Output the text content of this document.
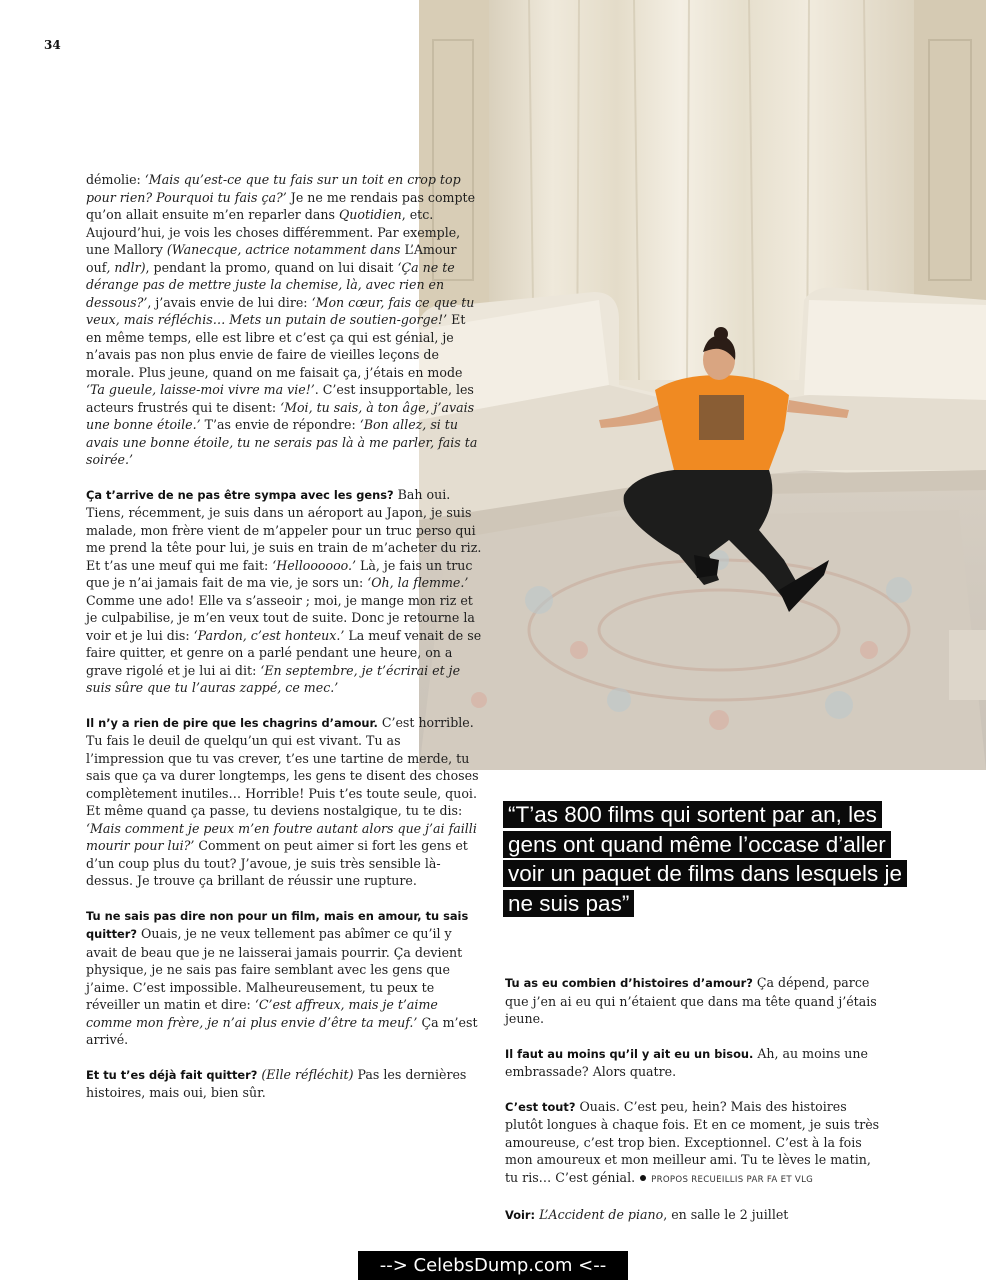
34

démolie: ‘Mais qu’est-ce que tu fais sur un toit en crop top pour rien? Pourquoi tu fais ça?’ Je ne me rendais pas compte qu’on allait ensuite m’en reparler dans Quotidien, etc. Aujourd’hui, je vois les choses différemment. Par exemple, une Mallory (Wanecque, actrice notamment dans L’Amour ouf, ndlr), pendant la promo, quand on lui disait ‘Ça ne te dérange pas de mettre juste la chemise, là, avec rien en dessous?’, j’avais envie de lui dire: ‘Mon cœur, fais ce que tu veux, mais réfléchis… Mets un putain de soutien-gorge!’ Et en même temps, elle est libre et c’est ça qui est génial, je n’avais pas non plus envie de faire de vieilles leçons de morale. Plus jeune, quand on me faisait ça, j’étais en mode ‘Ta gueule, laisse-moi vivre ma vie!’. C’est insupportable, les acteurs frustrés qui te disent: ‘Moi, tu sais, à ton âge, j’avais une bonne étoile.’ T’as envie de répondre: ‘Bon allez, si tu avais une bonne étoile, tu ne serais pas là à me parler, fais ta soirée.’

Ça t’arrive de ne pas être sympa avec les gens? Bah oui. Tiens, récemment, je suis dans un aéroport au Japon, je suis malade, mon frère vient de m’appeler pour un truc perso qui me prend la tête pour lui, je suis en train de m’acheter du riz. Et t’as une meuf qui me fait: ‘Helloooooo.’ Là, je fais un truc que je n’ai jamais fait de ma vie, je sors un: ‘Oh, la flemme.’ Comme une ado! Elle va s’asseoir ; moi, je mange mon riz et je culpabilise, je m’en veux tout de suite. Donc je retourne la voir et je lui dis: ‘Pardon, c’est honteux.’ La meuf venait de se faire quitter, et genre on a parlé pendant une heure, on a grave rigolé et je lui ai dit: ‘En septembre, je t’écrirai et je suis sûre que tu l’auras zappé, ce mec.’

Il n’y a rien de pire que les chagrins d’amour. C’est horrible. Tu fais le deuil de quelqu’un qui est vivant. Tu as l’impression que tu vas crever, t’es une tartine de merde, tu sais que ça va durer longtemps, les gens te disent des choses complètement inutiles… Horrible! Puis t’es toute seule, quoi. Et même quand ça passe, tu deviens nostalgique, tu te dis: ‘Mais comment je peux m’en foutre autant alors que j’ai failli mourir pour lui?’ Comment on peut aimer si fort les gens et d’un coup plus du tout? J’avoue, je suis très sensible là-dessus. Je trouve ça brillant de réussir une rupture.

Tu ne sais pas dire non pour un film, mais en amour, tu sais quitter? Ouais, je ne veux tellement pas abîmer ce qu’il y avait de beau que je ne laisserai jamais pourrir. Ça devient physique, je ne sais pas faire semblant avec les gens que j’aime. C’est impossible. Malheureusement, tu peux te réveiller un matin et dire: ‘C’est affreux, mais je t’aime comme mon frère, je n’ai plus envie d’être ta meuf.’ Ça m’est arrivé.

Et tu t’es déjà fait quitter? (Elle réfléchit) Pas les dernières histoires, mais oui, bien sûr.

“T’as 800 films qui sortent par an, les gens ont quand même l’occase d’aller voir un paquet de films dans lesquels je ne suis pas”

Tu as eu combien d’histoires d’amour? Ça dépend, parce que j’en ai eu qui n’étaient que dans ma tête quand j’étais jeune.

Il faut au moins qu’il y ait eu un bisou. Ah, au moins une embrassade? Alors quatre.

C’est tout? Ouais. C’est peu, hein? Mais des histoires plutôt longues à chaque fois. Et en ce moment, je suis très amoureuse, c’est trop bien. Exceptionnel. C’est à la fois mon amoureux et mon meilleur ami. Tu te lèves le matin, tu ris… C’est génial. PROPOS RECUEILLIS PAR FA ET VLG

Voir: L’Accident de piano, en salle le 2 juillet

--> CelebsDump.com <--
